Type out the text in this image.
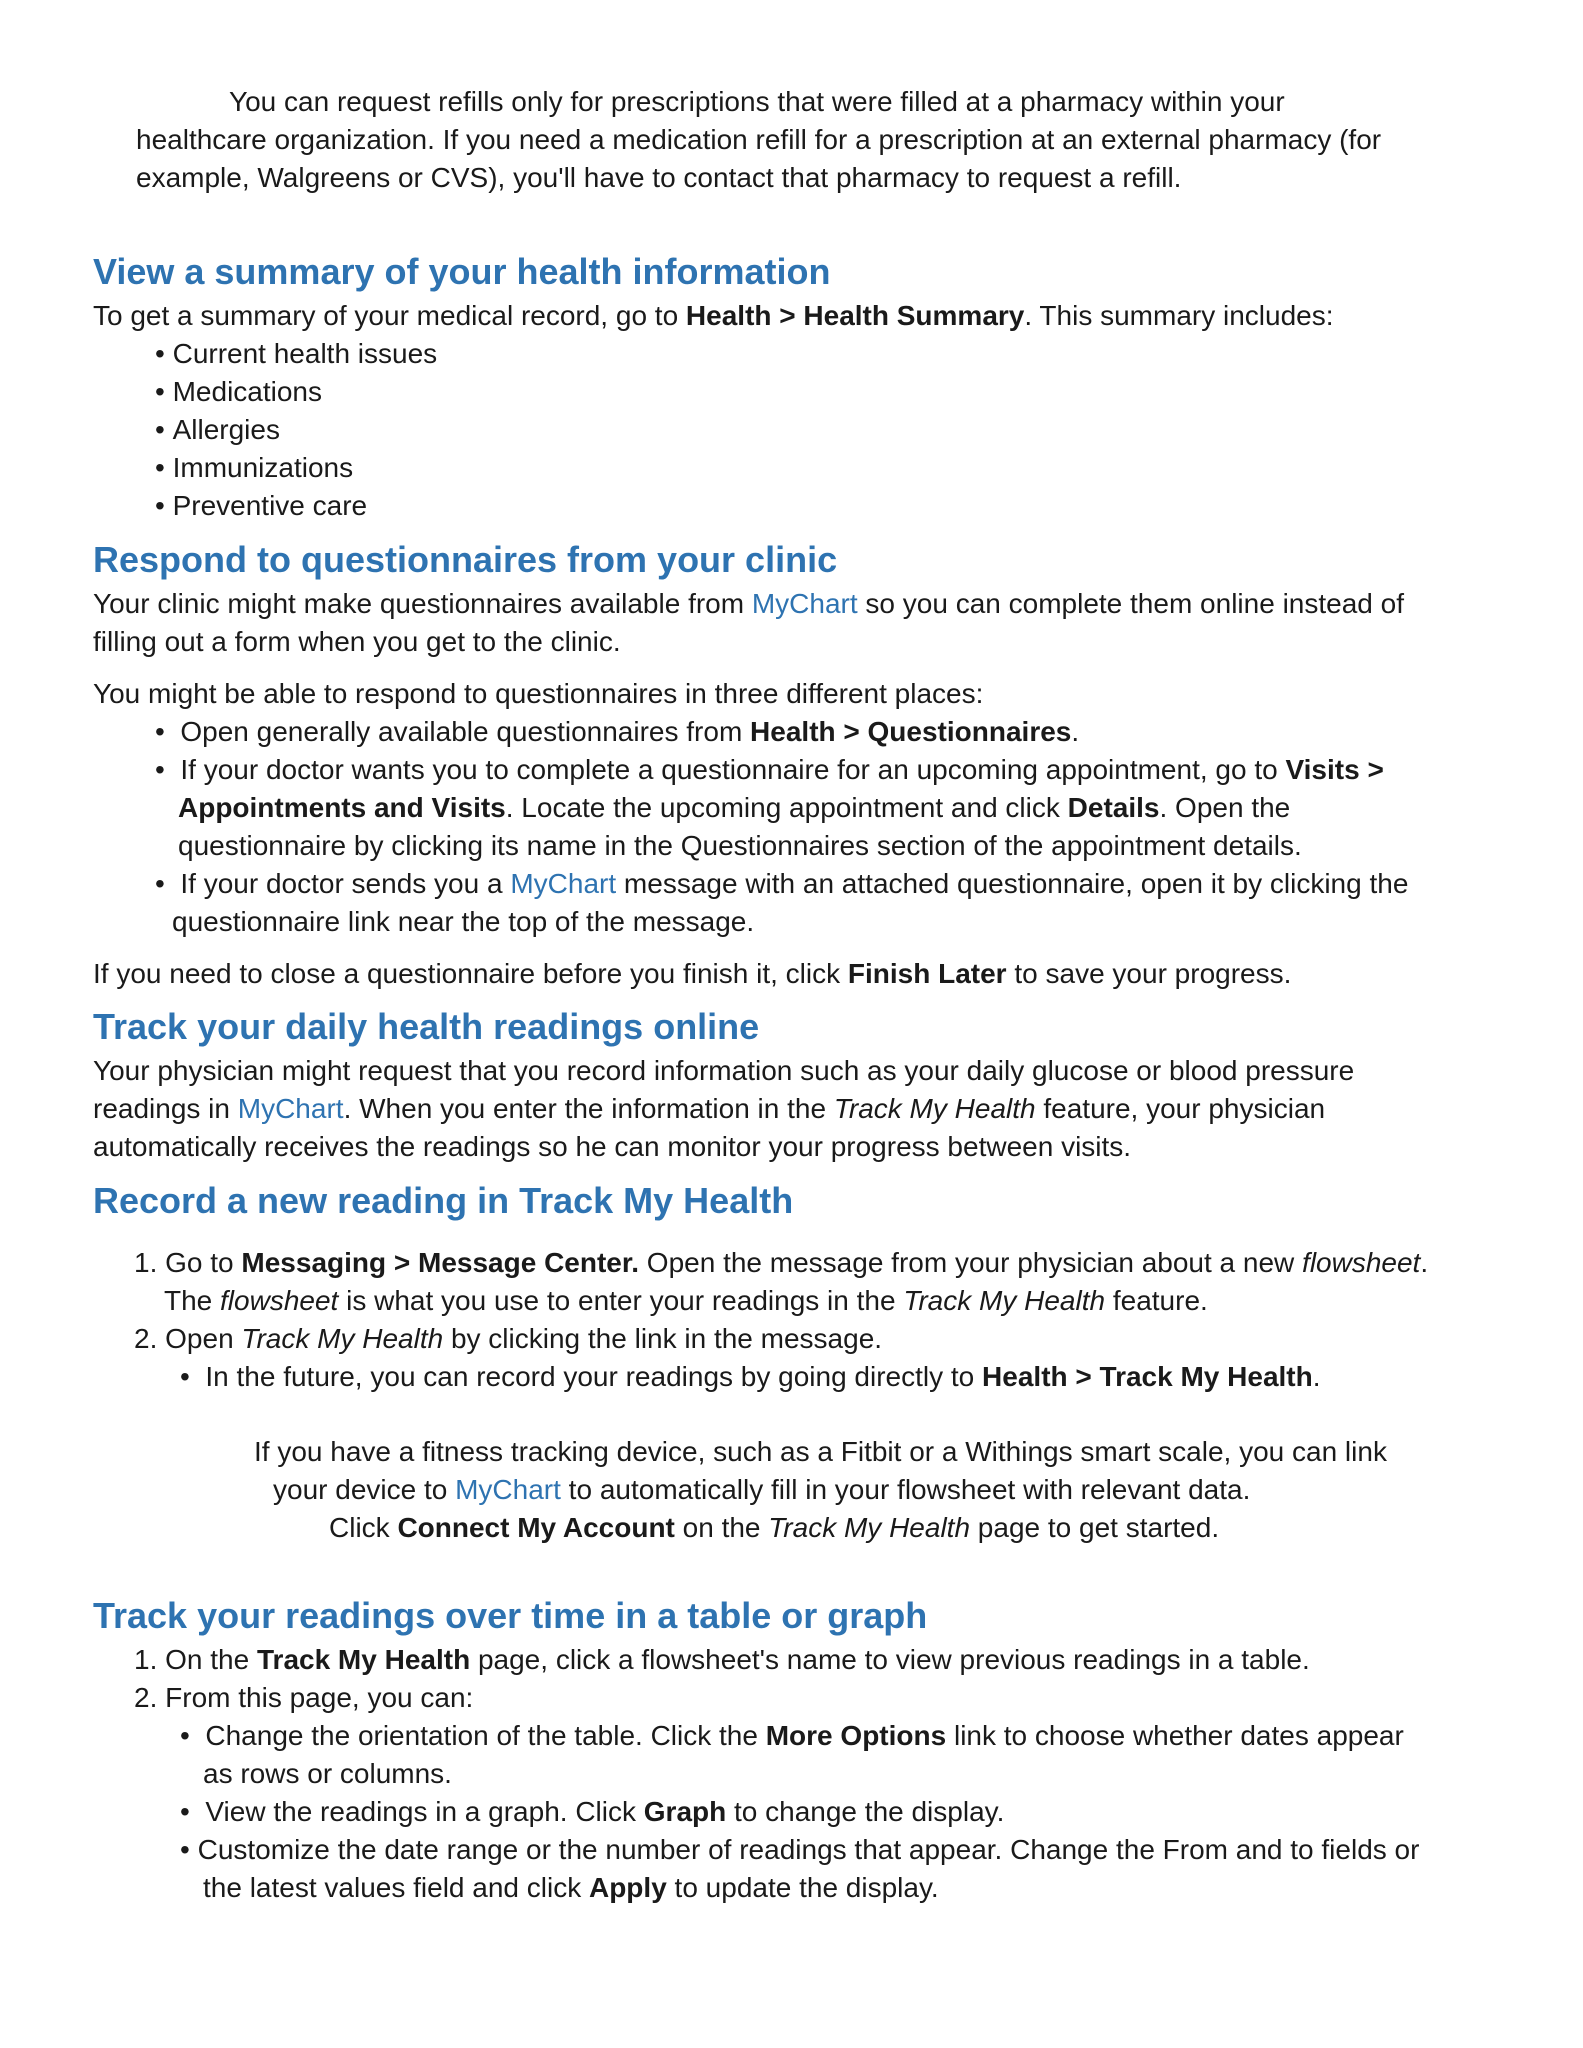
You can request refills only for prescriptions that were filled at a pharmacy within your
healthcare organization. If you need a medication refill for a prescription at an external pharmacy (for
example, Walgreens or CVS), you'll have to contact that pharmacy to request a refill.
View a summary of your health information
To get a summary of your medical record, go to Health > Health Summary. This summary includes:
• Current health issues
• Medications
• Allergies
• Immunizations
• Preventive care
Respond to questionnaires from your clinic
Your clinic might make questionnaires available from MyChart so you can complete them online instead of
filling out a form when you get to the clinic.
You might be able to respond to questionnaires in three different places:
• Open generally available questionnaires from Health > Questionnaires.
• If your doctor wants you to complete a questionnaire for an upcoming appointment, go to Visits >
Appointments and Visits. Locate the upcoming appointment and click Details. Open the
questionnaire by clicking its name in the Questionnaires section of the appointment details.
• If your doctor sends you a MyChart message with an attached questionnaire, open it by clicking the
questionnaire link near the top of the message.
If you need to close a questionnaire before you finish it, click Finish Later to save your progress.
Track your daily health readings online
Your physician might request that you record information such as your daily glucose or blood pressure
readings in MyChart. When you enter the information in the Track My Health feature, your physician
automatically receives the readings so he can monitor your progress between visits.
Record a new reading in Track My Health
1. Go to Messaging > Message Center. Open the message from your physician about a new flowsheet.
The flowsheet is what you use to enter your readings in the Track My Health feature.
2. Open Track My Health by clicking the link in the message.
• In the future, you can record your readings by going directly to Health > Track My Health.
If you have a fitness tracking device, such as a Fitbit or a Withings smart scale, you can link
your device to MyChart to automatically fill in your flowsheet with relevant data.
Click Connect My Account on the Track My Health page to get started.
Track your readings over time in a table or graph
1. On the Track My Health page, click a flowsheet's name to view previous readings in a table.
2. From this page, you can:
• Change the orientation of the table. Click the More Options link to choose whether dates appear
as rows or columns.
• View the readings in a graph. Click Graph to change the display.
• Customize the date range or the number of readings that appear. Change the From and to fields or
the latest values field and click Apply to update the display.
